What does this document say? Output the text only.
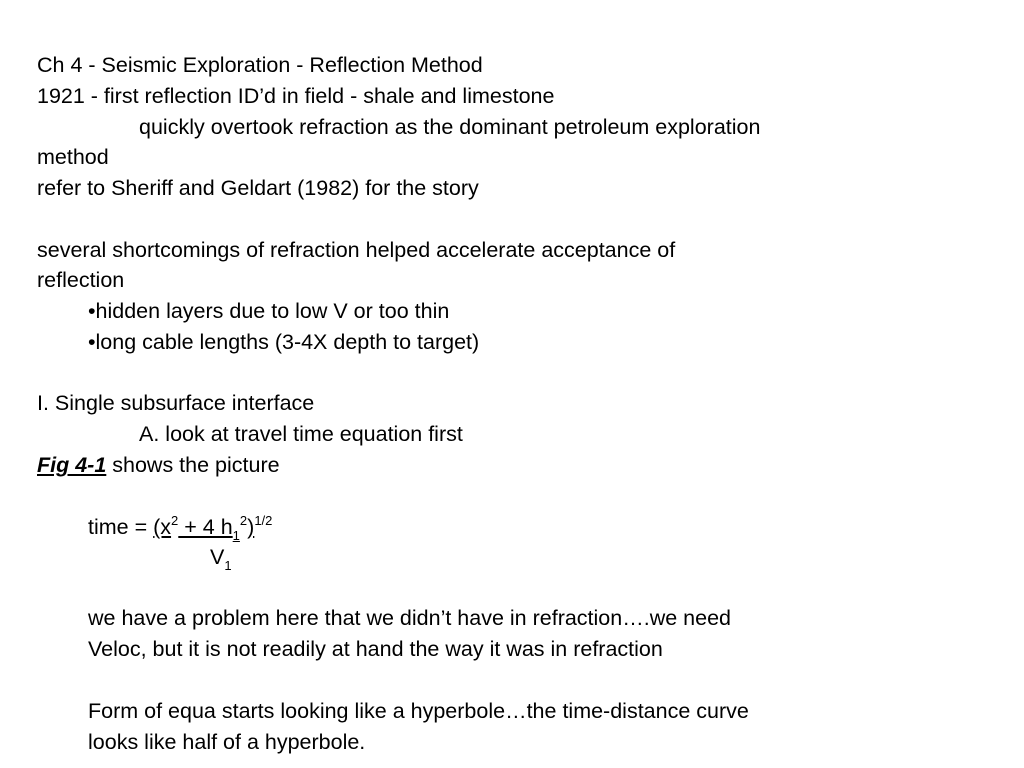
Ch 4 - Seismic Exploration - Reflection Method

1921 - first reflection ID’d in field - shale and limestone

quickly overtook refraction as the dominant petroleum exploration

method

refer to Sheriff and Geldart (1982) for the story

several shortcomings of refraction helped accelerate acceptance of

reflection

•hidden layers due to low V or too thin

•long cable lengths (3-4X depth to target)

I. Single subsurface interface

A. look at travel time equation first

Fig 4-1 shows the picture

time = ($x^2 + 4$ $h_1^2)^{1/2}$

$V_1$

we have a problem here that we didn’t have in refraction….we need

Veloc, but it is not readily at hand the way it was in refraction

Form of equa starts looking like a hyperbole…the time-distance curve

looks like half of a hyperbole.
